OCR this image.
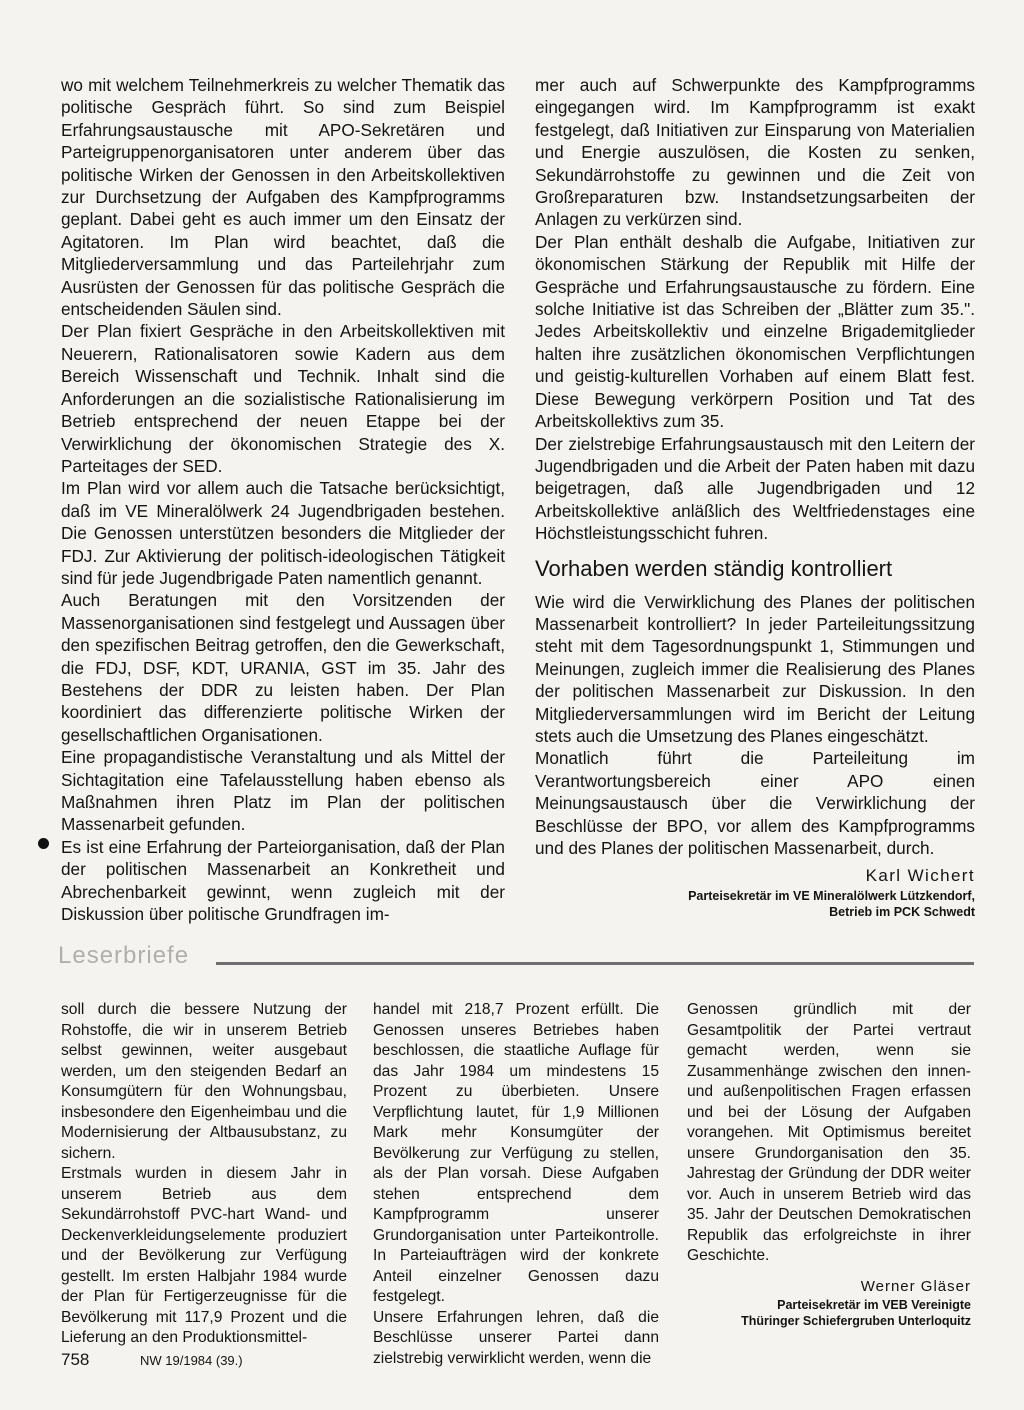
wo mit welchem Teilnehmerkreis zu welcher Thematik das politische Gespräch führt. So sind zum Beispiel Erfahrungsaustausche mit APO-Sekretären und Parteigruppenorganisatoren unter anderem über das politische Wirken der Genossen in den Arbeitskollektiven zur Durchsetzung der Aufgaben des Kampfprogramms geplant. Dabei geht es auch immer um den Einsatz der Agitatoren. Im Plan wird beachtet, daß die Mitgliederversammlung und das Parteilehrjahr zum Ausrüsten der Genossen für das politische Gespräch die entscheidenden Säulen sind.

Der Plan fixiert Gespräche in den Arbeitskollektiven mit Neuerern, Rationalisatoren sowie Kadern aus dem Bereich Wissenschaft und Technik. Inhalt sind die Anforderungen an die sozialistische Rationalisierung im Betrieb entsprechend der neuen Etappe bei der Verwirklichung der ökonomischen Strategie des X. Parteitages der SED.

Im Plan wird vor allem auch die Tatsache berücksichtigt, daß im VE Mineralölwerk 24 Jugendbrigaden bestehen. Die Genossen unterstützen besonders die Mitglieder der FDJ. Zur Aktivierung der politisch-ideologischen Tätigkeit sind für jede Jugendbrigade Paten namentlich genannt.

Auch Beratungen mit den Vorsitzenden der Massenorganisationen sind festgelegt und Aussagen über den spezifischen Beitrag getroffen, den die Gewerkschaft, die FDJ, DSF, KDT, URANIA, GST im 35. Jahr des Bestehens der DDR zu leisten haben. Der Plan koordiniert das differenzierte politische Wirken der gesellschaftlichen Organisationen.

Eine propagandistische Veranstaltung und als Mittel der Sichtagitation eine Tafelausstellung haben ebenso als Maßnahmen ihren Platz im Plan der politischen Massenarbeit gefunden.

Es ist eine Erfahrung der Parteiorganisation, daß der Plan der politischen Massenarbeit an Konkretheit und Abrechenbarkeit gewinnt, wenn zugleich mit der Diskussion über politische Grundfragen im-

mer auch auf Schwerpunkte des Kampfprogramms eingegangen wird. Im Kampfprogramm ist exakt festgelegt, daß Initiativen zur Einsparung von Materialien und Energie auszulösen, die Kosten zu senken, Sekundärrohstoffe zu gewinnen und die Zeit von Großreparaturen bzw. Instandsetzungsarbeiten der Anlagen zu verkürzen sind.

Der Plan enthält deshalb die Aufgabe, Initiativen zur ökonomischen Stärkung der Republik mit Hilfe der Gespräche und Erfahrungsaustausche zu fördern. Eine solche Initiative ist das Schreiben der „Blätter zum 35.". Jedes Arbeitskollektiv und einzelne Brigademitglieder halten ihre zusätzlichen ökonomischen Verpflichtungen und geistig-kulturellen Vorhaben auf einem Blatt fest. Diese Bewegung verkörpern Position und Tat des Arbeitskollektivs zum 35.

Der zielstrebige Erfahrungsaustausch mit den Leitern der Jugendbrigaden und die Arbeit der Paten haben mit dazu beigetragen, daß alle Jugendbrigaden und 12 Arbeitskollektive anläßlich des Weltfriedenstages eine Höchstleistungsschicht fuhren.

Vorhaben werden ständig kontrolliert

Wie wird die Verwirklichung des Planes der politischen Massenarbeit kontrolliert? In jeder Parteileitungssitzung steht mit dem Tagesordnungspunkt 1, Stimmungen und Meinungen, zugleich immer die Realisierung des Planes der politischen Massenarbeit zur Diskussion. In den Mitgliederversammlungen wird im Bericht der Leitung stets auch die Umsetzung des Planes eingeschätzt.

Monatlich führt die Parteileitung im Verantwortungsbereich einer APO einen Meinungsaustausch über die Verwirklichung der Beschlüsse der BPO, vor allem des Kampfprogramms und des Planes der politischen Massenarbeit, durch.

Karl Wichert

Parteisekretär im VE Mineralölwerk Lützkendorf,
Betrieb im PCK Schwedt
Leserbriefe

soll durch die bessere Nutzung der Rohstoffe, die wir in unserem Betrieb selbst gewinnen, weiter ausgebaut werden, um den steigenden Bedarf an Konsumgütern für den Wohnungsbau, insbesondere den Eigenheimbau und die Modernisierung der Altbausubstanz, zu sichern.

Erstmals wurden in diesem Jahr in unserem Betrieb aus dem Sekundärrohstoff PVC-hart Wand- und Deckenverkleidungselemente produziert und der Bevölkerung zur Verfügung gestellt. Im ersten Halbjahr 1984 wurde der Plan für Fertigerzeugnisse für die Bevölkerung mit 117,9 Prozent und die Lieferung an den Produktionsmittel-

handel mit 218,7 Prozent erfüllt. Die Genossen unseres Betriebes haben beschlossen, die staatliche Auflage für das Jahr 1984 um mindestens 15 Prozent zu überbieten. Unsere Verpflichtung lautet, für 1,9 Millionen Mark mehr Konsumgüter der Bevölkerung zur Verfügung zu stellen, als der Plan vorsah. Diese Aufgaben stehen entsprechend dem Kampfprogramm unserer Grundorganisation unter Parteikontrolle. In Parteiaufträgen wird der konkrete Anteil einzelner Genossen dazu festgelegt.

Unsere Erfahrungen lehren, daß die Beschlüsse unserer Partei dann zielstrebig verwirklicht werden, wenn die

Genossen gründlich mit der Gesamtpolitik der Partei vertraut gemacht werden, wenn sie Zusammenhänge zwischen den innen- und außenpolitischen Fragen erfassen und bei der Lösung der Aufgaben vorangehen. Mit Optimismus bereitet unsere Grundorganisation den 35. Jahrestag der Gründung der DDR weiter vor. Auch in unserem Betrieb wird das 35. Jahr der Deutschen Demokratischen Republik das erfolgreichste in ihrer Geschichte.

Werner Gläser

Parteisekretär im VEB Vereinigte
Thüringer Schiefergruben Unterloquitz
758	NW 19/1984 (39.)
